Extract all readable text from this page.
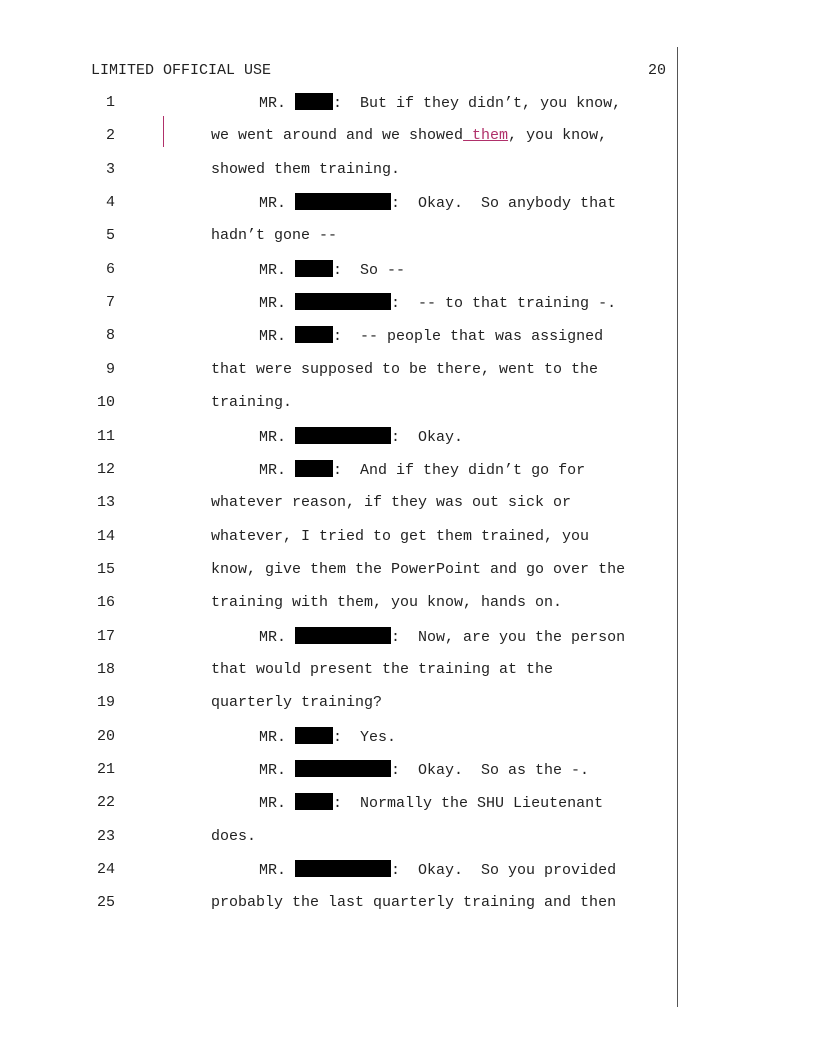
LIMITED OFFICIAL USE	20
1	MR.	:  But if they didn’t, you know,
2	we went around and we showed them, you know,
3	showed them training.
4	MR.	:  Okay.  So anybody that
5	hadn’t gone --
6	MR.	:  So --
7	MR.	:  -- to that training -.
8	MR.	:  -- people that was assigned
9	that were supposed to be there, went to the
10	training.
11	MR.	:  Okay.
12	MR.	:  And if they didn’t go for
13	whatever reason, if they was out sick or
14	whatever, I tried to get them trained, you
15	know, give them the PowerPoint and go over the
16	training with them, you know, hands on.
17	MR.	:  Now, are you the person
18	that would present the training at the
19	quarterly training?
20	MR.	:  Yes.
21	MR.	:  Okay.  So as the -.
22	MR.	:  Normally the SHU Lieutenant
23	does.
24	MR.	:  Okay.  So you provided
25	probably the last quarterly training and then
